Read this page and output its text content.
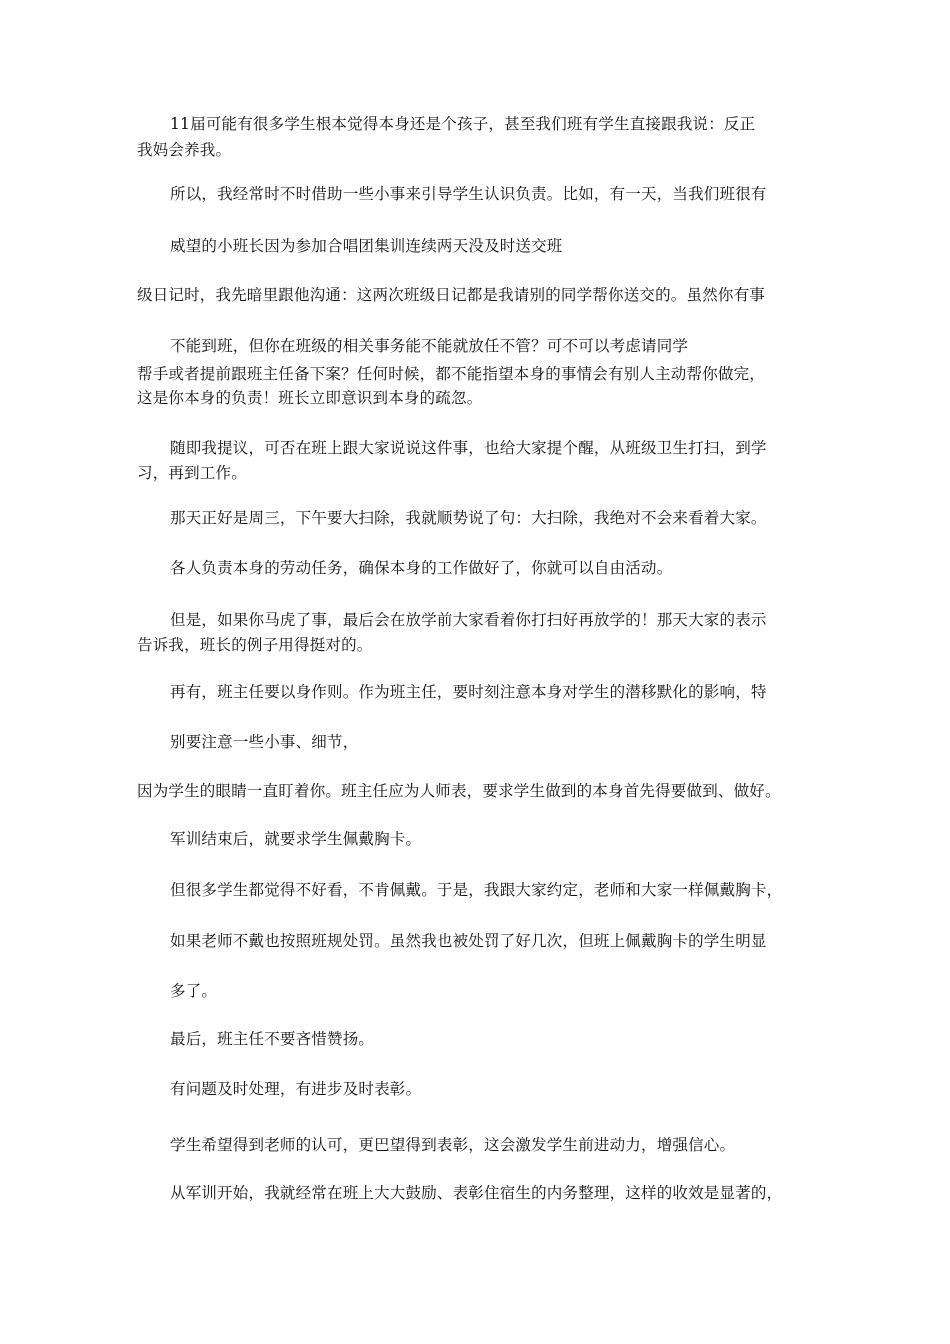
11届可能有很多学生根本觉得本身还是个孩子，甚至我们班有学生直接跟我说：反正
我妈会养我。
所以，我经常时不时借助一些小事来引导学生认识负责。比如，有一天，当我们班很有
威望的小班长因为参加合唱团集训连续两天没及时送交班
级日记时，我先暗里跟他沟通：这两次班级日记都是我请别的同学帮你送交的。虽然你有事
不能到班，但你在班级的相关事务能不能就放任不管？可不可以考虑请同学
帮手或者提前跟班主任备下案？任何时候，都不能指望本身的事情会有别人主动帮你做完，
这是你本身的负责！班长立即意识到本身的疏忽。
随即我提议，可否在班上跟大家说说这件事，也给大家提个醒，从班级卫生打扫，到学
习，再到工作。
那天正好是周三，下午要大扫除，我就顺势说了句：大扫除，我绝对不会来看着大家。
各人负责本身的劳动任务，确保本身的工作做好了，你就可以自由活动。
但是，如果你马虎了事，最后会在放学前大家看着你打扫好再放学的！那天大家的表示
告诉我，班长的例子用得挺对的。
再有，班主任要以身作则。作为班主任，要时刻注意本身对学生的潜移默化的影响，特
别要注意一些小事、细节，
因为学生的眼睛一直盯着你。班主任应为人师表，要求学生做到的本身首先得要做到、做好。
军训结束后，就要求学生佩戴胸卡。
但很多学生都觉得不好看，不肯佩戴。于是，我跟大家约定，老师和大家一样佩戴胸卡，
如果老师不戴也按照班规处罚。虽然我也被处罚了好几次，但班上佩戴胸卡的学生明显
多了。
最后，班主任不要吝惜赞扬。
有问题及时处理，有进步及时表彰。
学生希望得到老师的认可，更巴望得到表彰，这会激发学生前进动力，增强信心。
从军训开始，我就经常在班上大大鼓励、表彰住宿生的内务整理，这样的收效是显著的，
